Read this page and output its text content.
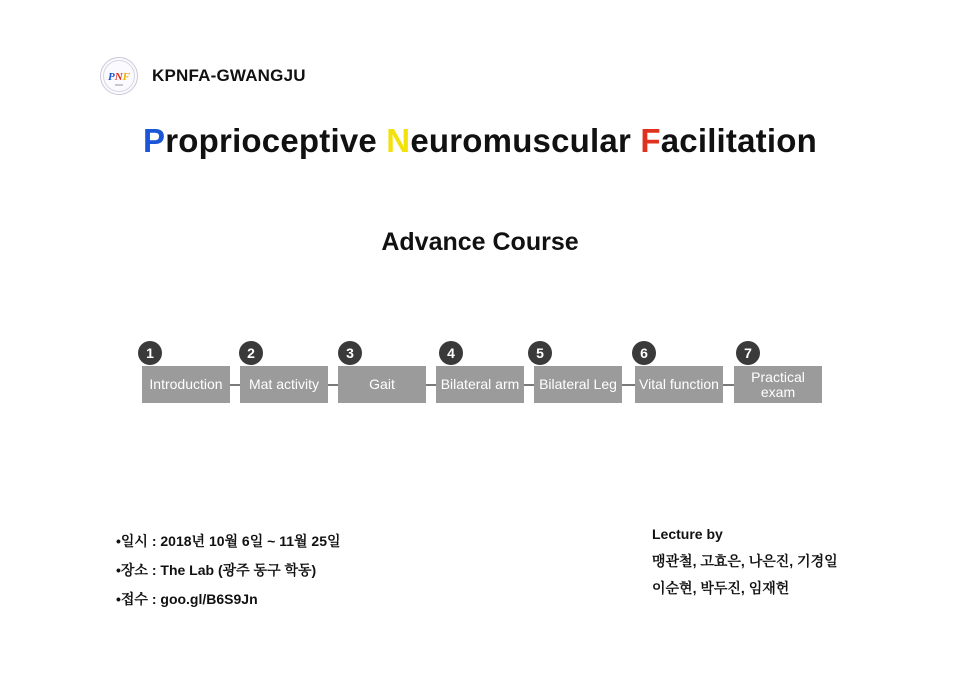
PNF KPNFA-GWANGJU
Proprioceptive Neuromuscular Facilitation
Advance Course
1
Introduction
2
Mat activity
3
Gait
4
Bilateral arm
5
Bilateral Leg
6
Vital function
7
Practical
exam
•일시 : 2018년 10월 6일 ~ 11월 25일
•장소 : The Lab (광주 동구 학동)
•접수 : goo.gl/B6S9Jn
Lecture by
맹관철, 고효은, 나은진, 기경일
이순현, 박두진, 임재헌
